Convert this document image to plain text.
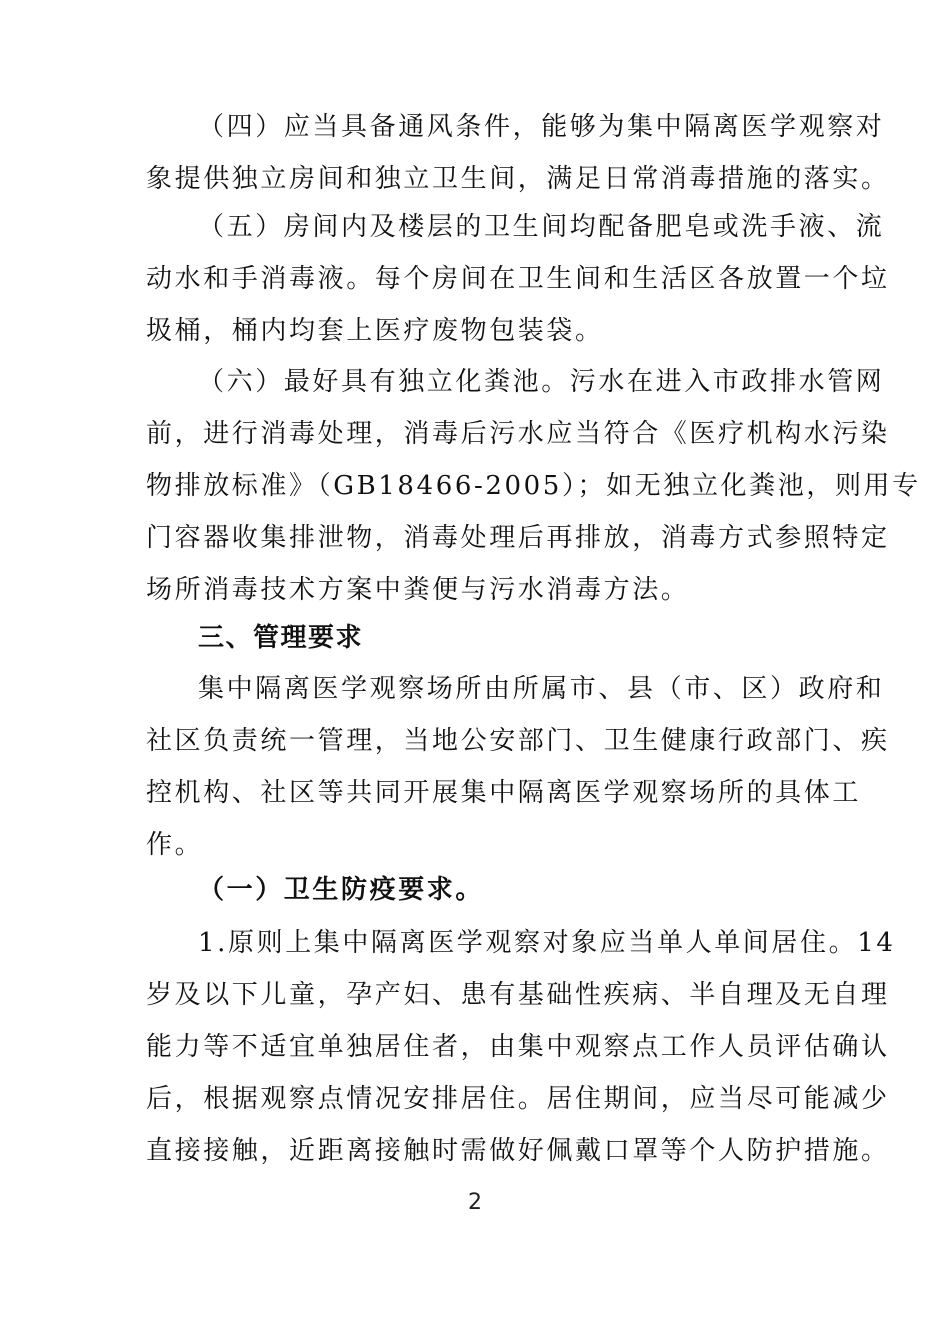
（四）应当具备通风条件，能够为集中隔离医学观察对
象提供独立房间和独立卫生间，满足日常消毒措施的落实。
（五）房间内及楼层的卫生间均配备肥皂或洗手液、流
动水和手消毒液。每个房间在卫生间和生活区各放置一个垃
圾桶，桶内均套上医疗废物包装袋。
（六）最好具有独立化粪池。污水在进入市政排水管网
前，进行消毒处理，消毒后污水应当符合《医疗机构水污染
物排放标准》（GB18466-2005）；如无独立化粪池，则用专
门容器收集排泄物，消毒处理后再排放，消毒方式参照特定
场所消毒技术方案中粪便与污水消毒方法。
三、管理要求
集中隔离医学观察场所由所属市、县（市、区）政府和
社区负责统一管理，当地公安部门、卫生健康行政部门、疾
控机构、社区等共同开展集中隔离医学观察场所的具体工
作。
（一）卫生防疫要求。
1.原则上集中隔离医学观察对象应当单人单间居住。14
岁及以下儿童，孕产妇、患有基础性疾病、半自理及无自理
能力等不适宜单独居住者，由集中观察点工作人员评估确认
后，根据观察点情况安排居住。居住期间，应当尽可能减少
直接接触，近距离接触时需做好佩戴口罩等个人防护措施。
2
